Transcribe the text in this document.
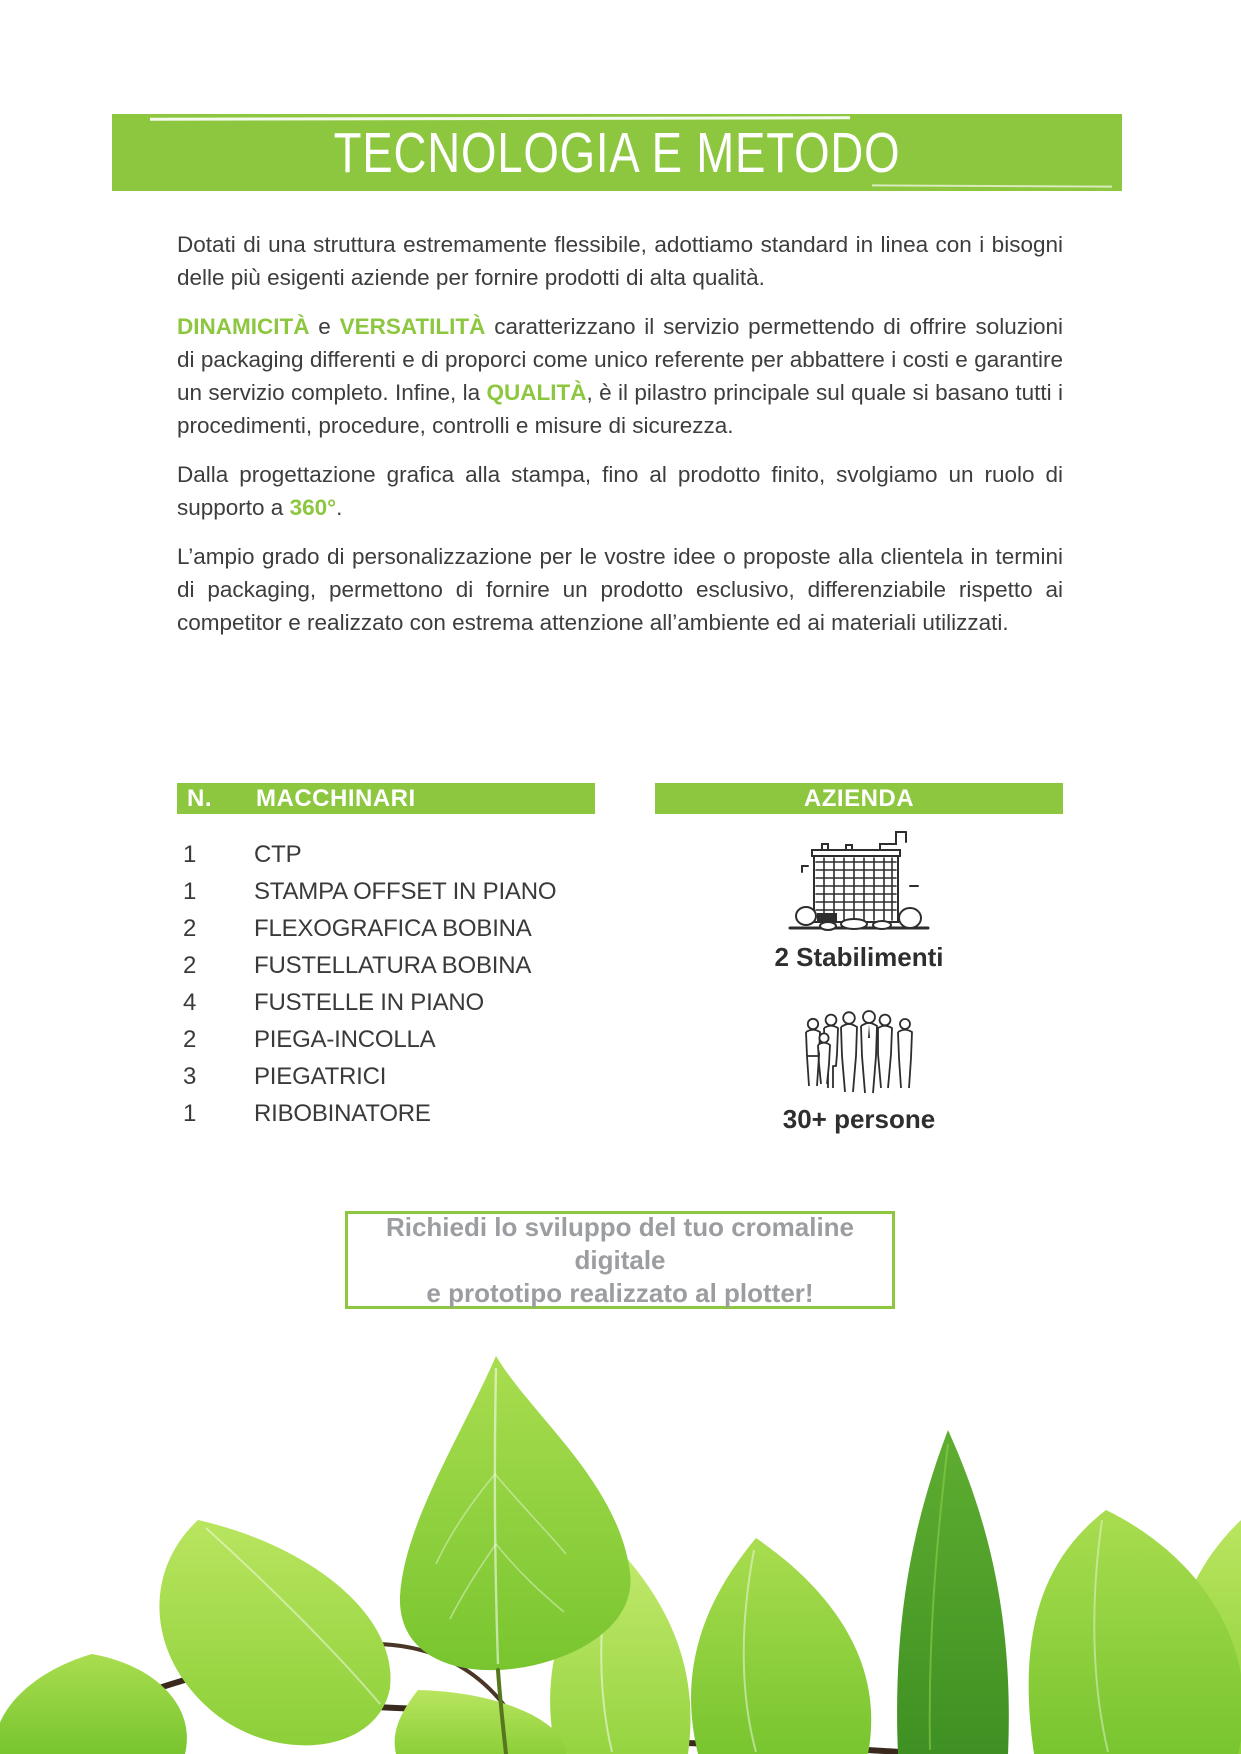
TECNOLOGIA E METODO

Dotati di una struttura estremamente flessibile, adottiamo standard in linea con i bisogni delle più esigenti aziende per fornire prodotti di alta qualità.

DINAMICITÀ e VERSATILITÀ caratterizzano il servizio permettendo di offrire soluzioni di packaging differenti e di proporci come unico referente per abbattere i costi e garantire un servizio completo. Infine, la QUALITÀ, è il pilastro principale sul quale si basano tutti i procedimenti, procedure, controlli e misure di sicurezza.

Dalla progettazione grafica alla stampa, fino al prodotto finito, svolgiamo un ruolo di supporto a 360°.

L’ampio grado di personalizzazione per le vostre idee o proposte alla clientela in termini di packaging, permettono di fornire un prodotto esclusivo, differenziabile rispetto ai competitor e realizzato con estrema attenzione all’ambiente ed ai materiali utilizzati.

N. MACCHINARI	AZIENDA
1 CTP
1 STAMPA OFFSET IN PIANO
2 FLEXOGRAFICA BOBINA
2 FUSTELLATURA BOBINA
4 FUSTELLE IN PIANO
2 PIEGA-INCOLLA
3 PIEGATRICI
1 RIBOBINATORE
2 Stabilimenti
30+ persone
Richiedi lo sviluppo del tuo cromaline digitale
e prototipo realizzato al plotter!
